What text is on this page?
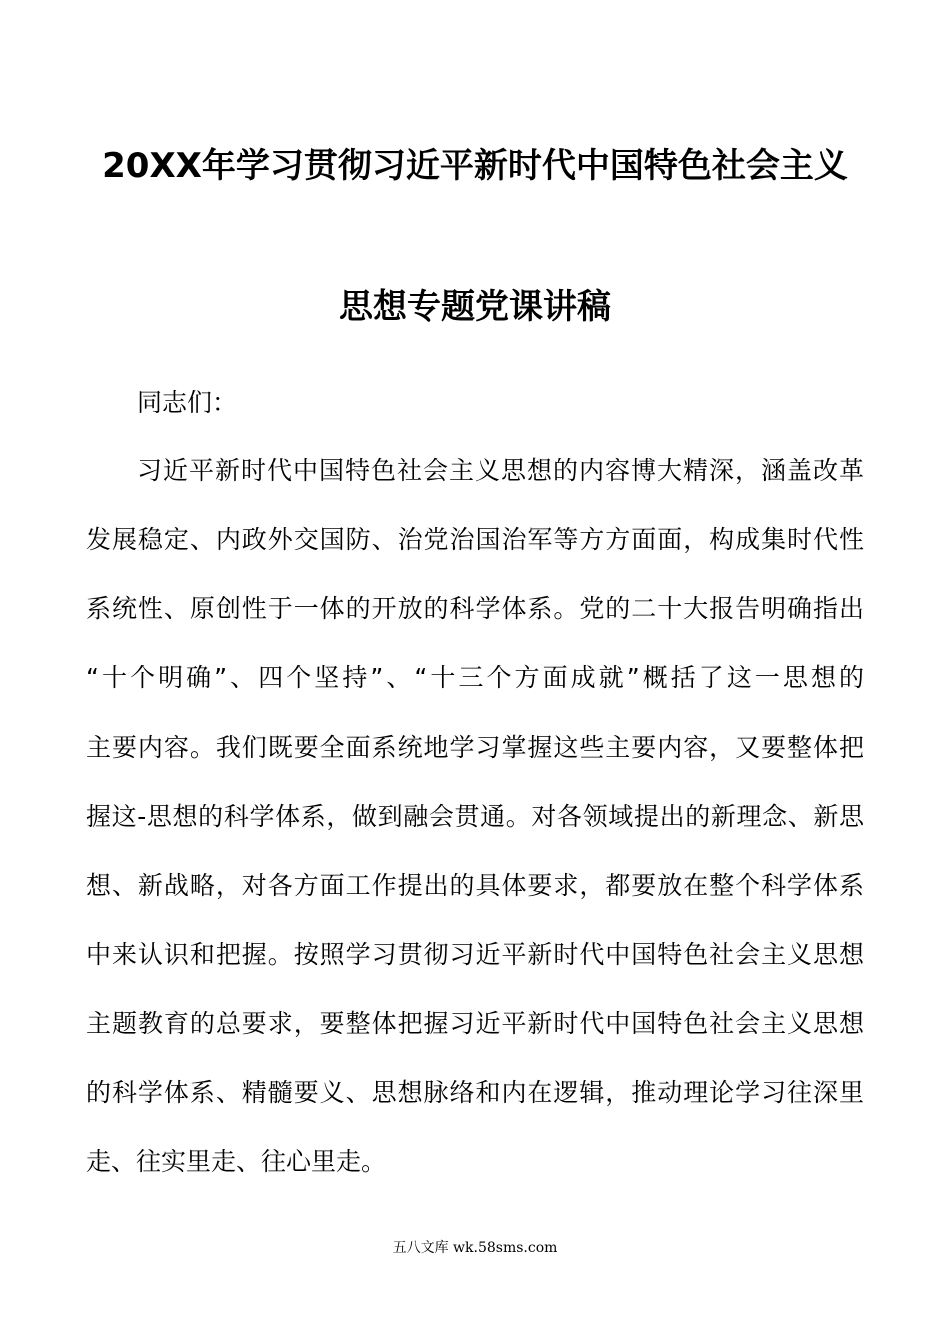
20XX年学习贯彻习近平新时代中国特色社会主义
思想专题党课讲稿
同志们：
习近平新时代中国特色社会主义思想的内容博大精深，涵盖改革
发展稳定、内政外交国防、治党治国治军等方方面面，构成集时代性
系统性、原创性于一体的开放的科学体系。党的二十大报告明确指出
“十个明确”、四个坚持”、“十三个方面成就”概括了这一思想的
主要内容。我们既要全面系统地学习掌握这些主要内容，又要整体把
握这-思想的科学体系，做到融会贯通。对各领域提出的新理念、新思
想、新战略，对各方面工作提出的具体要求，都要放在整个科学体系
中来认识和把握。按照学习贯彻习近平新时代中国特色社会主义思想
主题教育的总要求，要整体把握习近平新时代中国特色社会主义思想
的科学体系、精髓要义、思想脉络和内在逻辑，推动理论学习往深里
走、往实里走、往心里走。
五八文库 wk.58sms.com
